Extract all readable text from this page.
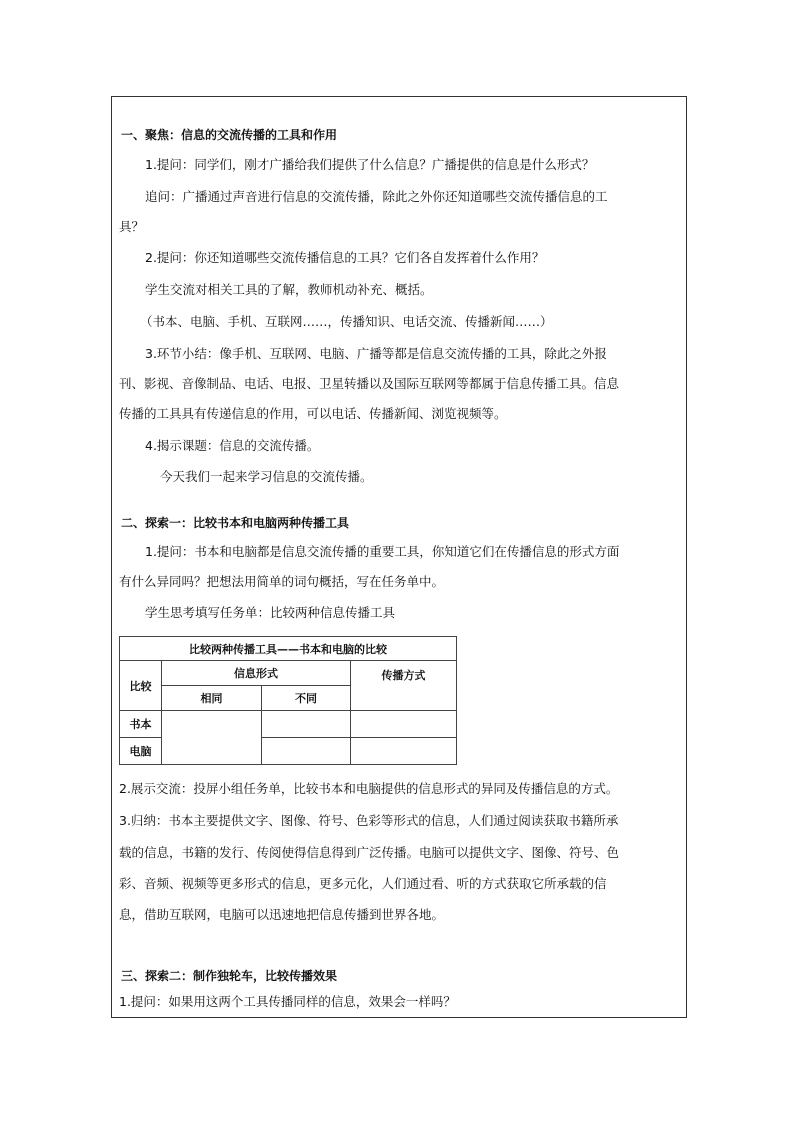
一、聚焦：信息的交流传播的工具和作用
1.提问：同学们，刚才广播给我们提供了什么信息？广播提供的信息是什么形式？
追问：广播通过声音进行信息的交流传播，除此之外你还知道哪些交流传播信息的工
具？
2.提问：你还知道哪些交流传播信息的工具？它们各自发挥着什么作用？
学生交流对相关工具的了解，教师机动补充、概括。
（书本、电脑、手机、互联网……，传播知识、电话交流、传播新闻……）
3.环节小结：像手机、互联网、电脑、广播等都是信息交流传播的工具，除此之外报
刊、影视、音像制品、电话、电报、卫星转播以及国际互联网等都属于信息传播工具。信息
传播的工具具有传递信息的作用，可以电话、传播新闻、浏览视频等。
4.揭示课题：信息的交流传播。
今天我们一起来学习信息的交流传播。
二、探索一：比较书本和电脑两种传播工具
1.提问：书本和电脑都是信息交流传播的重要工具，你知道它们在传播信息的形式方面
有什么异同吗？把想法用简单的词句概括，写在任务单中。
学生思考填写任务单：比较两种信息传播工具
比较两种传播工具——书本和电脑的比较			
比较	信息形式		传播方式
	相同	不同	
书本			
电脑			
2.展示交流：投屏小组任务单，比较书本和电脑提供的信息形式的异同及传播信息的方式。
3.归纳：书本主要提供文字、图像、符号、色彩等形式的信息，人们通过阅读获取书籍所承
载的信息，书籍的发行、传阅使得信息得到广泛传播。电脑可以提供文字、图像、符号、色
彩、音频、视频等更多形式的信息，更多元化，人们通过看、听的方式获取它所承载的信
息，借助互联网，电脑可以迅速地把信息传播到世界各地。
三、探索二：制作独轮车，比较传播效果
1.提问：如果用这两个工具传播同样的信息，效果会一样吗？
